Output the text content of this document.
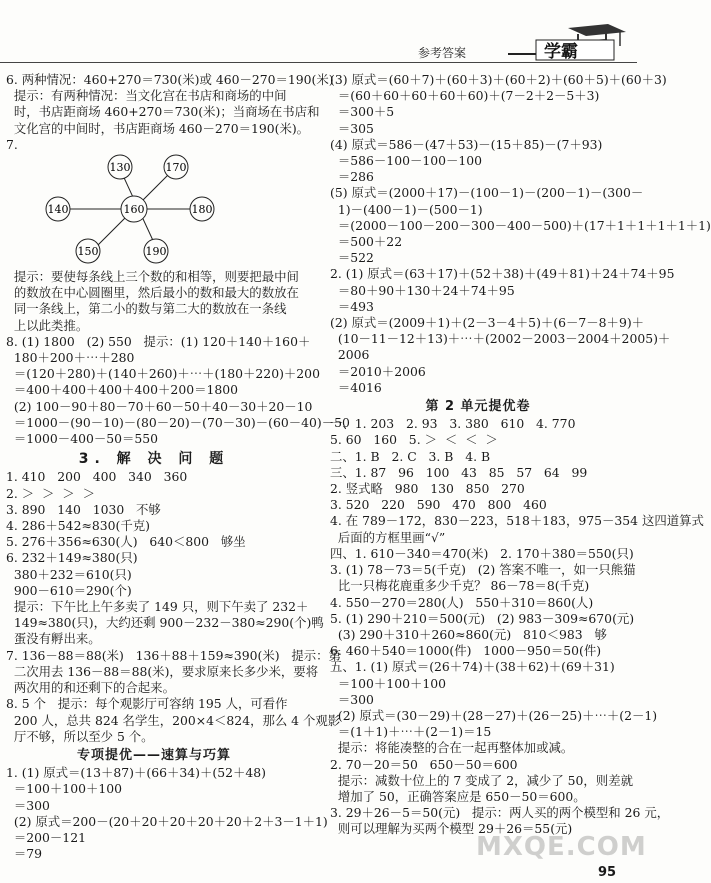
参考答案	学霸
6. 两种情况：460+270＝730(米)或 460－270＝190(米)
提示：有两种情况：当文化宫在书店和商场的中间
时，书店距商场 460+270＝730(米)；当商场在书店和
文化宫的中间时，书店距商场 460－270＝190(米)。
7.
160
130	170
140	180
150	190
提示：要使每条线上三个数的和相等，则要把最中间
的数放在中心圆圈里，然后最小的数和最大的数放在
同一条线上，第二小的数与第二大的数放在一条线
上以此类推。
8. (1) 1800   (2) 550   提示：(1) 120＋140＋160＋
180＋200＋⋯＋280
＝(120＋280)＋(140＋260)＋⋯＋(180＋220)＋200
＝400＋400＋400＋400＋200＝1800
(2) 100－90＋80－70＋60－50＋40－30＋20－10
＝1000－(90－10)－(80－20)－(70－30)－(60－40)－50
＝1000－400－50＝550
3. 解 决 问 题
1. 410   200   400   340   360
2. ＞  ＞  ＞  ＞
3. 890   140   1030   不够
4. 286＋542≈830(千克)
5. 276＋356≈630(人)   640＜800   够坐
6. 232＋149≈380(只)
380＋232＝610(只)
900－610＝290(个)
提示：下午比上午多卖了 149 只，则下午卖了 232＋
149≈380(只)，大约还剩 900－232－380≈290(个)鸭
蛋没有孵出来。
7. 136－88＝88(米)   136＋88＋159≈390(米)   提示：第
二次用去 136－88＝88(米)，要求原来长多少米，要将
两次用的和还剩下的合起来。
8. 5 个   提示：每个观影厅可容纳 195 人，可看作
200 人，总共 824 名学生，200×4＜824，那么 4 个观影
厅不够，所以至少 5 个。
专项提优——速算与巧算
1. (1) 原式＝(13＋87)＋(66＋34)＋(52＋48)
＝100＋100＋100
＝300
(2) 原式＝200－(20＋20＋20＋20＋20＋2＋3－1＋1)
＝200－121
＝79
(3) 原式＝(60＋7)＋(60＋3)＋(60＋2)＋(60＋5)＋(60＋3)
＝(60＋60＋60＋60＋60)＋(7－2＋2－5＋3)
＝300＋5
＝305
(4) 原式＝586－(47＋53)－(15＋85)－(7＋93)
＝586－100－100－100
＝286
(5) 原式＝(2000＋17)－(100－1)－(200－1)－(300－
1)－(400－1)－(500－1)
＝(2000－100－200－300－400－500)＋(17＋1＋1＋1＋1＋1)
＝500＋22
＝522
2. (1) 原式＝(63＋17)＋(52＋38)＋(49＋81)＋24＋74＋95
＝80＋90＋130＋24＋74＋95
＝493
(2) 原式＝(2009＋1)＋(2－3－4＋5)＋(6－7－8＋9)＋
(10－11－12＋13)＋⋯＋(2002－2003－2004＋2005)＋
2006
＝2010＋2006
＝4016
第 2 单元提优卷
一、1. 203   2. 93   3. 380   610   4. 770
5. 60   160   5. ＞  ＜  ＜  ＞
二、1. B   2. C   3. B   4. B
三、1. 87   96   100   43   85   57   64   99
2. 竖式略   980   130   850   270
3. 520   220   590   470   800   460
4. 在 789－172，830－223，518＋183，975－354 这四道算式
后面的方框里画“√”
四、1. 610－340＝470(米)   2. 170＋380＝550(只)
3. (1) 78－73＝5(千克)   (2) 答案不唯一，如一只熊猫
比一只梅花鹿重多少千克？ 86－78＝8(千克)
4. 550－270＝280(人)   550＋310＝860(人)
5. (1) 290＋210＝500(元)   (2) 983－309≈670(元)
(3) 290＋310＋260≈860(元)   810＜983   够
6. 460＋540＝1000(件)   1000－950＝50(件)
五、1. (1) 原式＝(26＋74)＋(38＋62)＋(69＋31)
＝100＋100＋100
＝300
(2) 原式＝(30－29)＋(28－27)＋(26－25)＋⋯＋(2－1)
＝(1＋1)＋⋯＋(2－1)＝15
提示：将能凑整的合在一起再整体加或减。
2. 70－20＝50   650－50＝600
提示：减数十位上的 7 变成了 2，减少了 50，则差就
增加了 50，正确答案应是 650－50＝600。
3. 29＋26－5＝50(元)   提示：两人买的两个模型和 26 元，
则可以理解为买两个模型 29＋26＝55(元)
MXQE.COM
95
